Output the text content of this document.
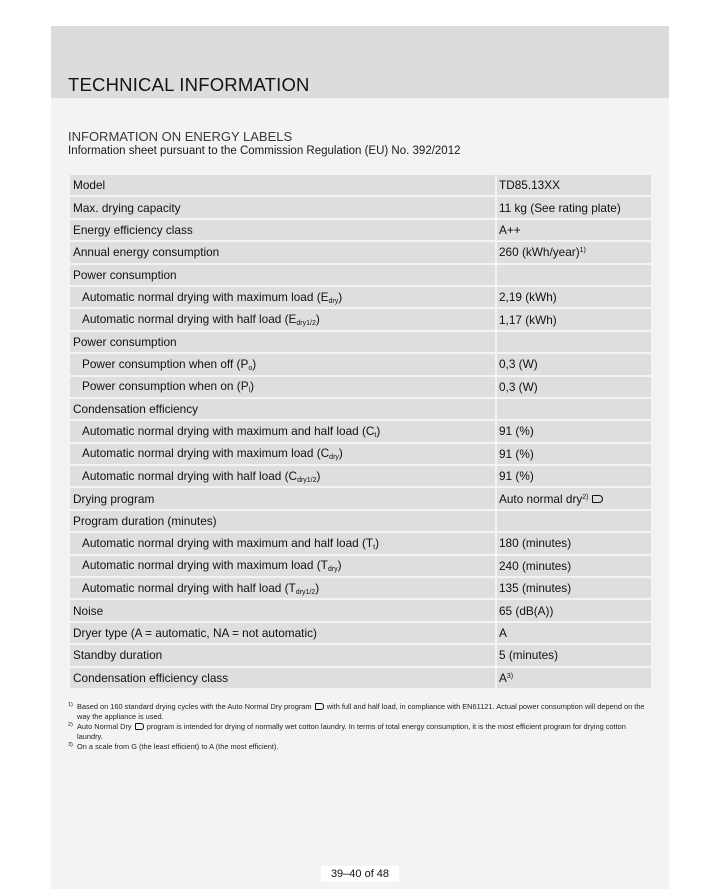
TECHNICAL INFORMATION
INFORMATION ON ENERGY LABELS

Information sheet pursuant to the Commission Regulation (EU) No. 392/2012

Model	TD85.13XX
Max. drying capacity	11 kg (See rating plate)
Energy efficiency class	A++
Annual energy consumption	260 (kWh/year)$^{1)}$
Power consumption	
Automatic normal drying with maximum load (Edry)	2,19 (kWh)
Automatic normal drying with half load (Edry1/2)	1,17 (kWh)
Power consumption	
Power consumption when off (Po)	0,3 (W)
Power consumption when on (Pl)	0,3 (W)
Condensation efficiency	
Automatic normal drying with maximum and half load (Ct)	91 (%)
Automatic normal drying with maximum load (Cdry)	91 (%)
Automatic normal drying with half load (Cdry1/2)	91 (%)
Drying program	Auto normal dry$^{2)}$
Program duration (minutes)	
Automatic normal drying with maximum and half load (Tt)	180 (minutes)
Automatic normal drying with maximum load (Tdry)	240 (minutes)
Automatic normal drying with half load (Tdry1/2)	135 (minutes)
Noise	65 (dB(A))
Dryer type (A = automatic, NA = not automatic)	A
Standby duration	5 (minutes)
Condensation efficiency class	$A^{3)}$
1) Based on 160 standard drying cycles with the Auto Normal Dry program with full and half load, in compliance with EN61121. Actual power consumption will depend on the way the appliance is used.
2) Auto Normal Dry program is intended for drying of normally wet cotton laundry. In terms of total energy consumption, it is the most efficient program for drying cotton laundry.
3) On a scale from G (the least efficient) to A (the most efficient).
39–40 of 48
